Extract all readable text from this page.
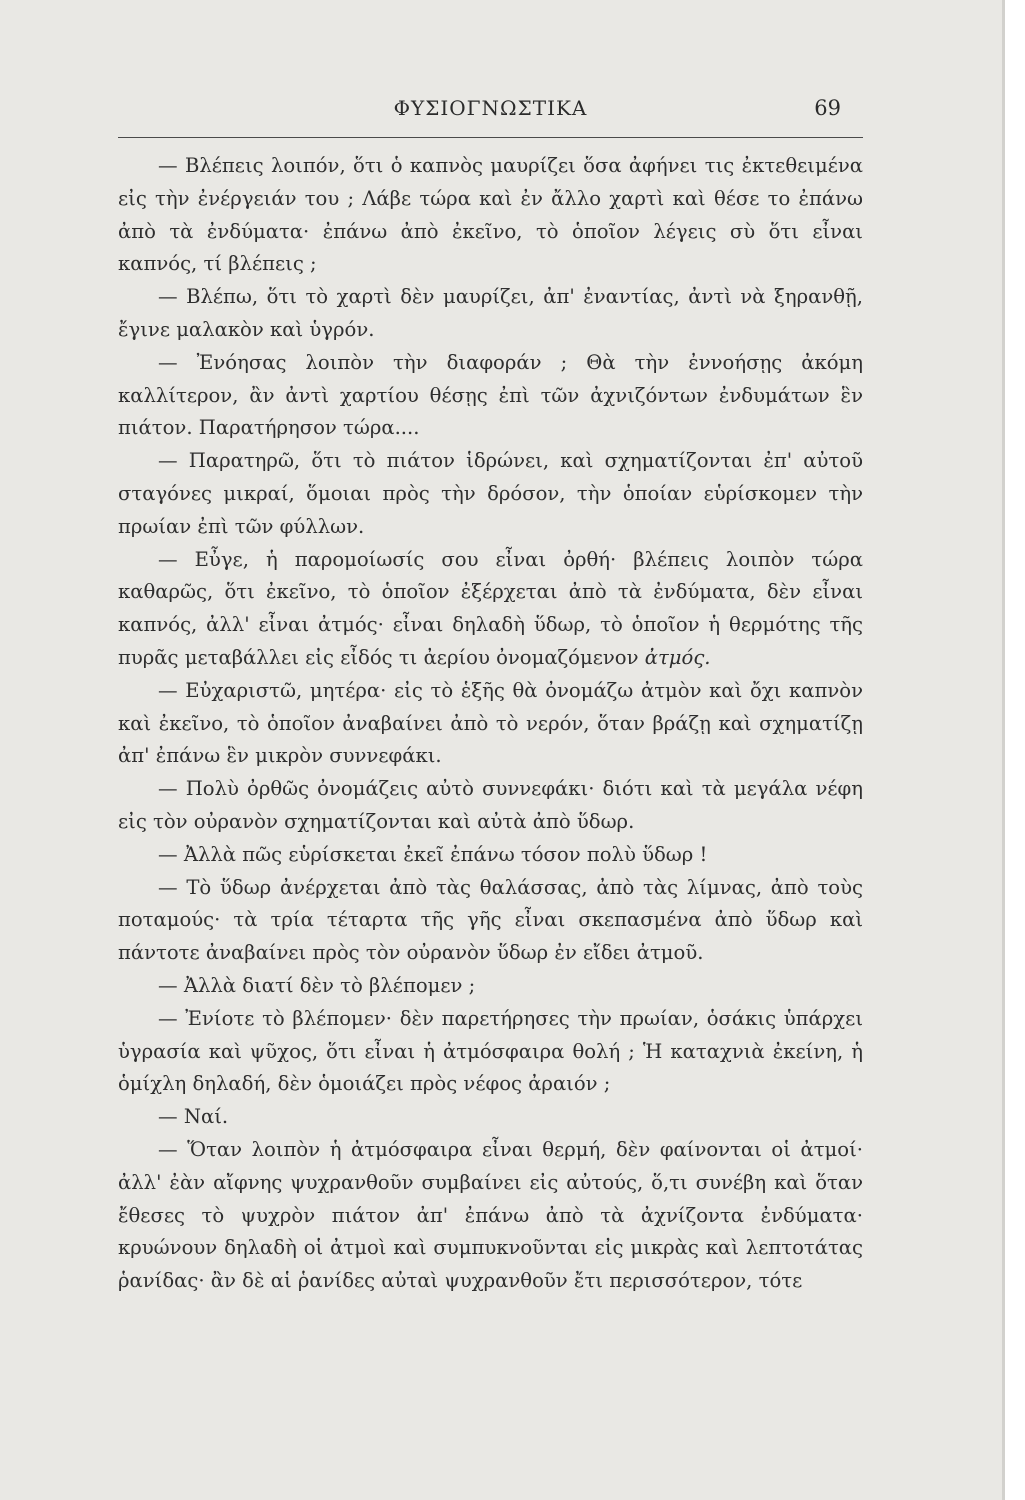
ΦΥΣΙΟΓΝΩΣΤΙΚΑ	69

— Βλέπεις λοιπόν, ὅτι ὁ καπνὸς μαυρίζει ὅσα ἀφήνει τις ἐκτεθειμένα εἰς τὴν ἐνέργειάν του ; Λάβε τώρα καὶ ἐν ἄλλο χαρτὶ καὶ θέσε το ἐπάνω ἀπὸ τὰ ἐνδύματα· ἐπάνω ἀπὸ ἐκεῖνο, τὸ ὁποῖον λέγεις σὺ ὅτι εἶναι καπνός, τί βλέπεις ;

— Βλέπω, ὅτι τὸ χαρτὶ δὲν μαυρίζει, ἀπ' ἐναντίας, ἀντὶ νὰ ξηρανθῇ, ἔγινε μαλακὸν καὶ ὑγρόν.

— Ἐνόησας λοιπὸν τὴν διαφοράν ; Θὰ τὴν ἐννοήσῃς ἀκόμη καλλίτερον, ἂν ἀντὶ χαρτίου θέσῃς ἐπὶ τῶν ἀχνιζόντων ἐνδυμάτων ἓν πιάτον. Παρατήρησον τώρα....

— Παρατηρῶ, ὅτι τὸ πιάτον ἱδρώνει, καὶ σχηματίζονται ἐπ' αὐτοῦ σταγόνες μικραί, ὅμοιαι πρὸς τὴν δρόσον, τὴν ὁποίαν εὑρίσκομεν τὴν πρωίαν ἐπὶ τῶν φύλλων.

— Εὖγε, ἡ παρομοίωσίς σου εἶναι ὀρθή· βλέπεις λοιπὸν τώρα καθαρῶς, ὅτι ἐκεῖνο, τὸ ὁποῖον ἐξέρχεται ἀπὸ τὰ ἐνδύματα, δὲν εἶναι καπνός, ἀλλ' εἶναι ἀτμός· εἶναι δηλαδὴ ὕδωρ, τὸ ὁποῖον ἡ θερμότης τῆς πυρᾶς μεταβάλλει εἰς εἶδός τι ἀερίου ὀνομαζόμενον ἀτμός.

— Εὐχαριστῶ, μητέρα· εἰς τὸ ἑξῆς θὰ ὀνομάζω ἀτμὸν καὶ ὄχι καπνὸν καὶ ἐκεῖνο, τὸ ὁποῖον ἀναβαίνει ἀπὸ τὸ νερόν, ὅταν βράζῃ καὶ σχηματίζῃ ἀπ' ἐπάνω ἓν μικρὸν συννεφάκι.

— Πολὺ ὀρθῶς ὀνομάζεις αὐτὸ συννεφάκι· διότι καὶ τὰ μεγάλα νέφη εἰς τὸν οὐρανὸν σχηματίζονται καὶ αὐτὰ ἀπὸ ὕδωρ.

— Ἀλλὰ πῶς εὑρίσκεται ἐκεῖ ἐπάνω τόσον πολὺ ὕδωρ !

— Τὸ ὕδωρ ἀνέρχεται ἀπὸ τὰς θαλάσσας, ἀπὸ τὰς λίμνας, ἀπὸ τοὺς ποταμούς· τὰ τρία τέταρτα τῆς γῆς εἶναι σκεπασμένα ἀπὸ ὕδωρ καὶ πάντοτε ἀναβαίνει πρὸς τὸν οὐρανὸν ὕδωρ ἐν εἴδει ἀτμοῦ.

— Ἀλλὰ διατί δὲν τὸ βλέπομεν ;

— Ἐνίοτε τὸ βλέπομεν· δὲν παρετήρησες τὴν πρωίαν, ὁσάκις ὑπάρχει ὑγρασία καὶ ψῦχος, ὅτι εἶναι ἡ ἀτμόσφαιρα θολή ; Ἡ καταχνιὰ ἐκείνη, ἡ ὁμίχλη δηλαδή, δὲν ὁμοιάζει πρὸς νέφος ἀραιόν ;

— Ναί.

— Ὅταν λοιπὸν ἡ ἀτμόσφαιρα εἶναι θερμή, δὲν φαίνονται οἱ ἀτμοί· ἀλλ' ἐὰν αἴφνης ψυχρανθοῦν συμβαίνει εἰς αὐτούς, ὅ,τι συνέβη καὶ ὅταν ἔθεσες τὸ ψυχρὸν πιάτον ἀπ' ἐπάνω ἀπὸ τὰ ἀχνίζοντα ἐνδύματα· κρυώνουν δηλαδὴ οἱ ἀτμοὶ καὶ συμπυκνοῦνται εἰς μικρὰς καὶ λεπτοτάτας ῥανίδας· ἂν δὲ αἱ ῥανίδες αὐταὶ ψυχρανθοῦν ἔτι περισσότερον, τότε
